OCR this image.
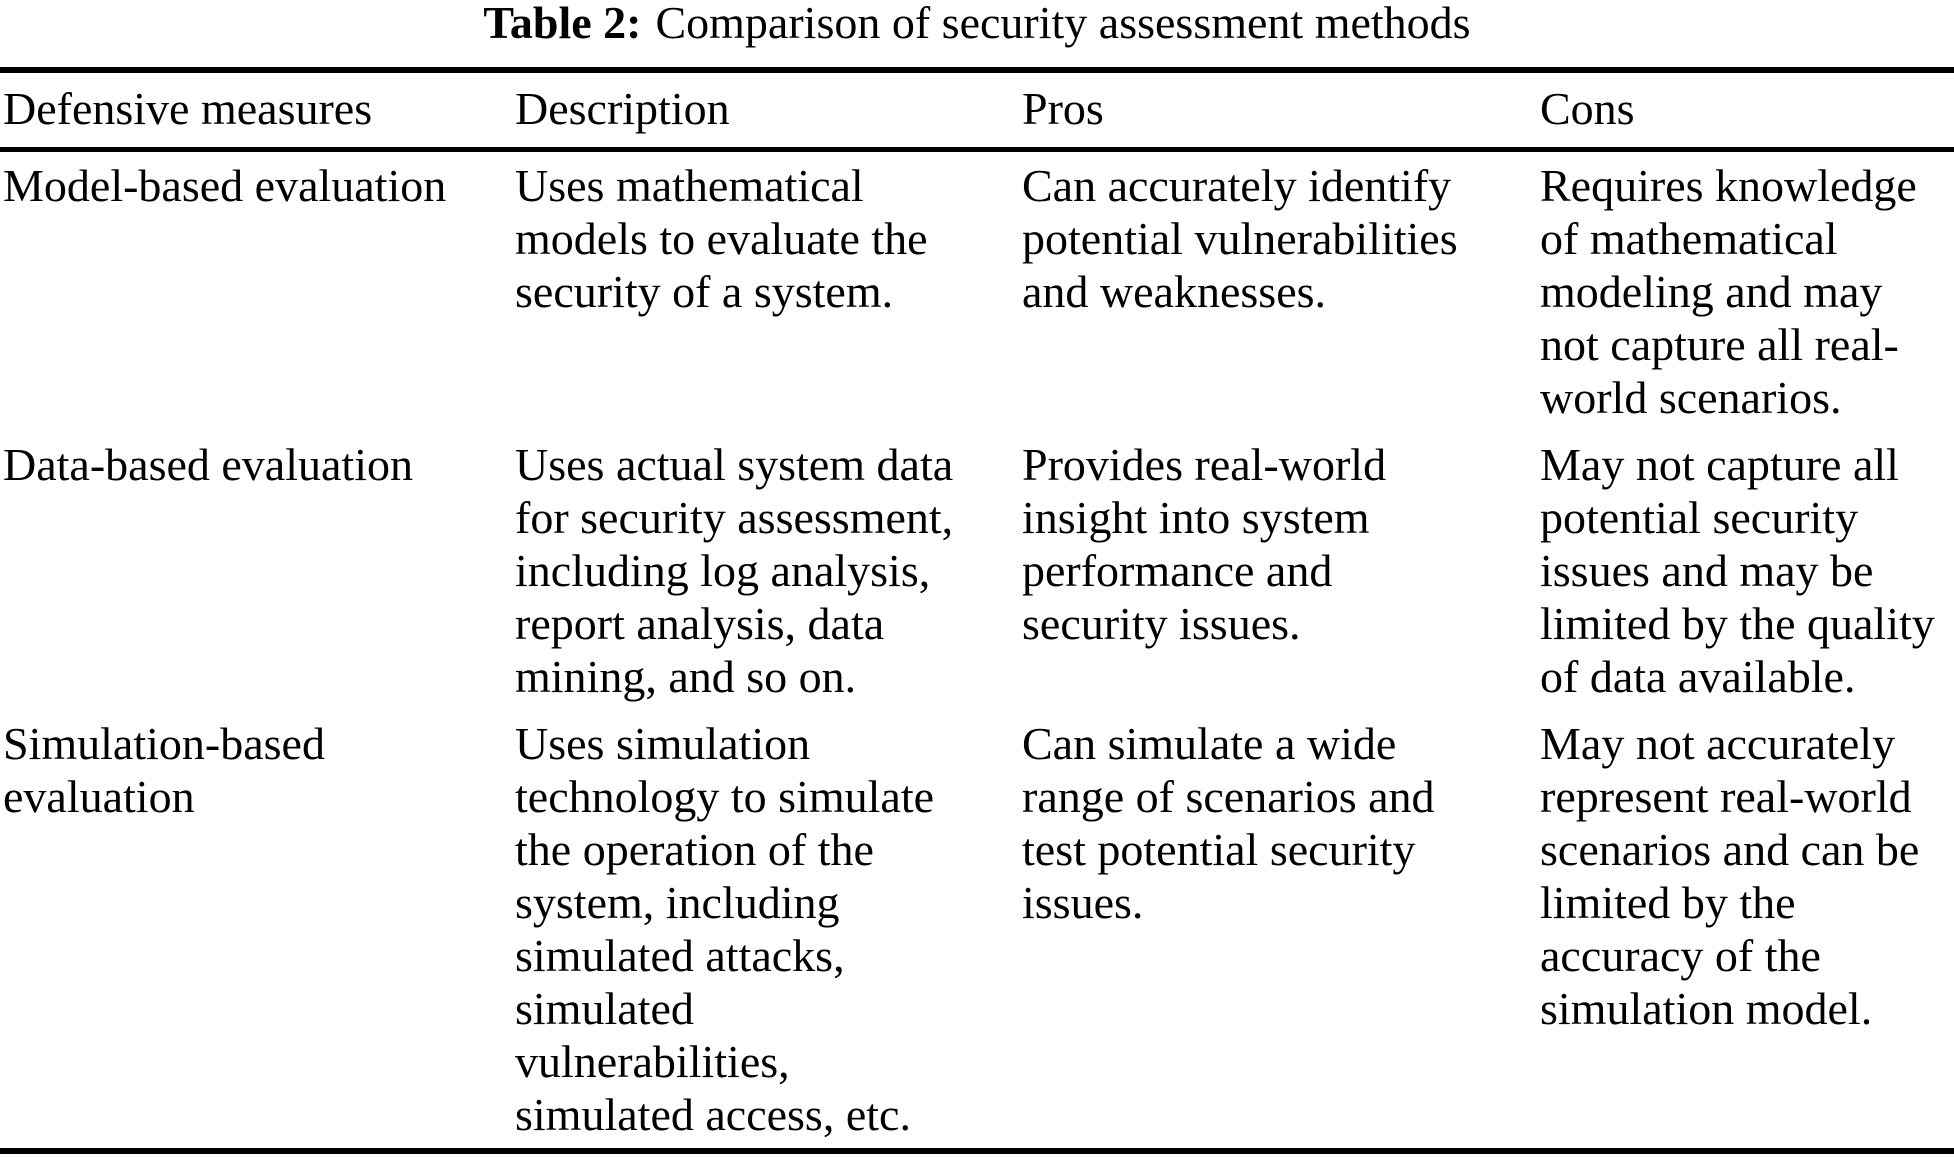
Table 2: Comparison of security assessment methods
Defensive measures	Description	Pros	Cons
Model-based evaluation	Uses mathematical models to evaluate the security of a system.	Can accurately identify potential vulnerabilities and weaknesses.	Requires knowledge of mathematical modeling and may not capture all real-world scenarios.
Data-based evaluation	Uses actual system data for security assessment, including log analysis, report analysis, data mining, and so on.	Provides real-world insight into system performance and security issues.	May not capture all potential security issues and may be limited by the quality of data available.
Simulation-based evaluation	Uses simulation technology to simulate the operation of the system, including simulated attacks, simulated vulnerabilities, simulated access, etc.	Can simulate a wide range of scenarios and test potential security issues.	May not accurately represent real-world scenarios and can be limited by the accuracy of the simulation model.
